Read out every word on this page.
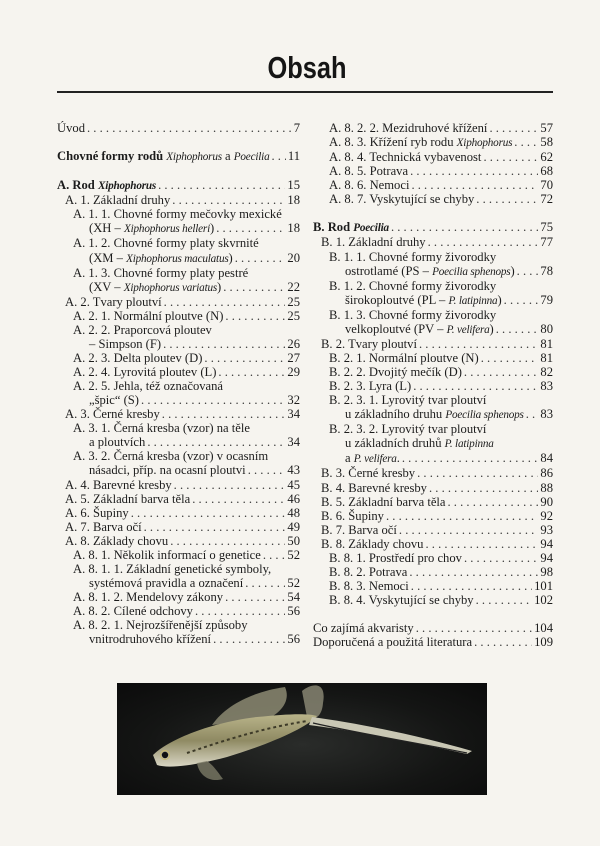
Obsah
Úvod . . .	7
Chovné formy rodů Xiphophorus a Poecilia . . . 11
A. Rod Xiphophorus . . .	15
A. 1. Základní druhy . . .	18
A. 1. 1. Chovné formy mečovky mexické
(XH – Xiphophorus helleri) . . .	18
A. 1. 2. Chovné formy platy skvrnité
(XM – Xiphophorus maculatus) . . .	20
A. 1. 3. Chovné formy platy pestré
(XV – Xiphophorus variatus) . . .	22
A. 2. Tvary ploutví . . .	25
A. 2. 1. Normální ploutve (N) . . .	25
A. 2. 2. Praporcová ploutev
– Simpson (F) . . .	26
A. 2. 3. Delta ploutev (D) . . .	27
A. 2. 4. Lyrovitá ploutev (L) . . .	29
A. 2. 5. Jehla, též označovaná
„špic“ (S) . . .	32
A. 3. Černé kresby . . .	34
A. 3. 1. Černá kresba (vzor) na těle
a ploutvích . . .	34
A. 3. 2. Černá kresba (vzor) v ocasním
násadci, příp. na ocasní ploutvi . . .	43
A. 4. Barevné kresby . . .	45
A. 5. Základní barva těla . . .	46
A. 6. Šupiny . . .	48
A. 7. Barva očí . . .	49
A. 8. Základy chovu . . .	50
A. 8. 1. Několik informací o genetice . . . 52
A. 8. 1. 1. Základní genetické symboly,
systémová pravidla a označení . . .	52
A. 8. 1. 2. Mendelovy zákony . . .	54
A. 8. 2. Cílené odchovy . . .	56
A. 8. 2. 1. Nejrozšířenější způsoby
vnitrodruhového křížení . . .	56
A. 8. 2. 2. Mezidruhové křížení . . .	57
A. 8. 3. Křížení ryb rodu Xiphophorus . . . 58
A. 8. 4. Technická vybavenost . . .	62
A. 8. 5. Potrava . . .	68
A. 8. 6. Nemoci . . .	70
A. 8. 7. Vyskytující se chyby . . .	72
B. Rod Poecilia . . .	75
B. 1. Základní druhy . . .	77
B. 1. 1. Chovné formy živorodky
ostrotlamé (PS – Poecilia sphenops) . . . 78
B. 1. 2. Chovné formy živorodky
širokoploutvé (PL – P. latipinna) . . .	79
B. 1. 3. Chovné formy živorodky
velkoploutvé (PV – P. velifera) . . .	80
B. 2. Tvary ploutví . . .	81
B. 2. 1. Normální ploutve (N) . . .	81
B. 2. 2. Dvojitý mečík (D) . . .	82
B. 2. 3. Lyra (L) . . .	83
B. 2. 3. 1. Lyrovitý tvar ploutví
u základního druhu Poecilia sphenops . . . 83
B. 2. 3. 2. Lyrovitý tvar ploutví
u základních druhů P. latipinna
a P. velifera. . . .	84
B. 3. Černé kresby . . .	86
B. 4. Barevné kresby . . .	88
B. 5. Základní barva těla . . .	90
B. 6. Šupiny . . .	92
B. 7. Barva očí . . .	93
B. 8. Základy chovu . . .	94
B. 8. 1. Prostředí pro chov . . .	94
B. 8. 2. Potrava . . .	98
B. 8. 3. Nemoci . . .	101
B. 8. 4. Vyskytující se chyby . . .	102
Co zajímá akvaristy . . .	104
Doporučená a použitá literatura . . .	109
